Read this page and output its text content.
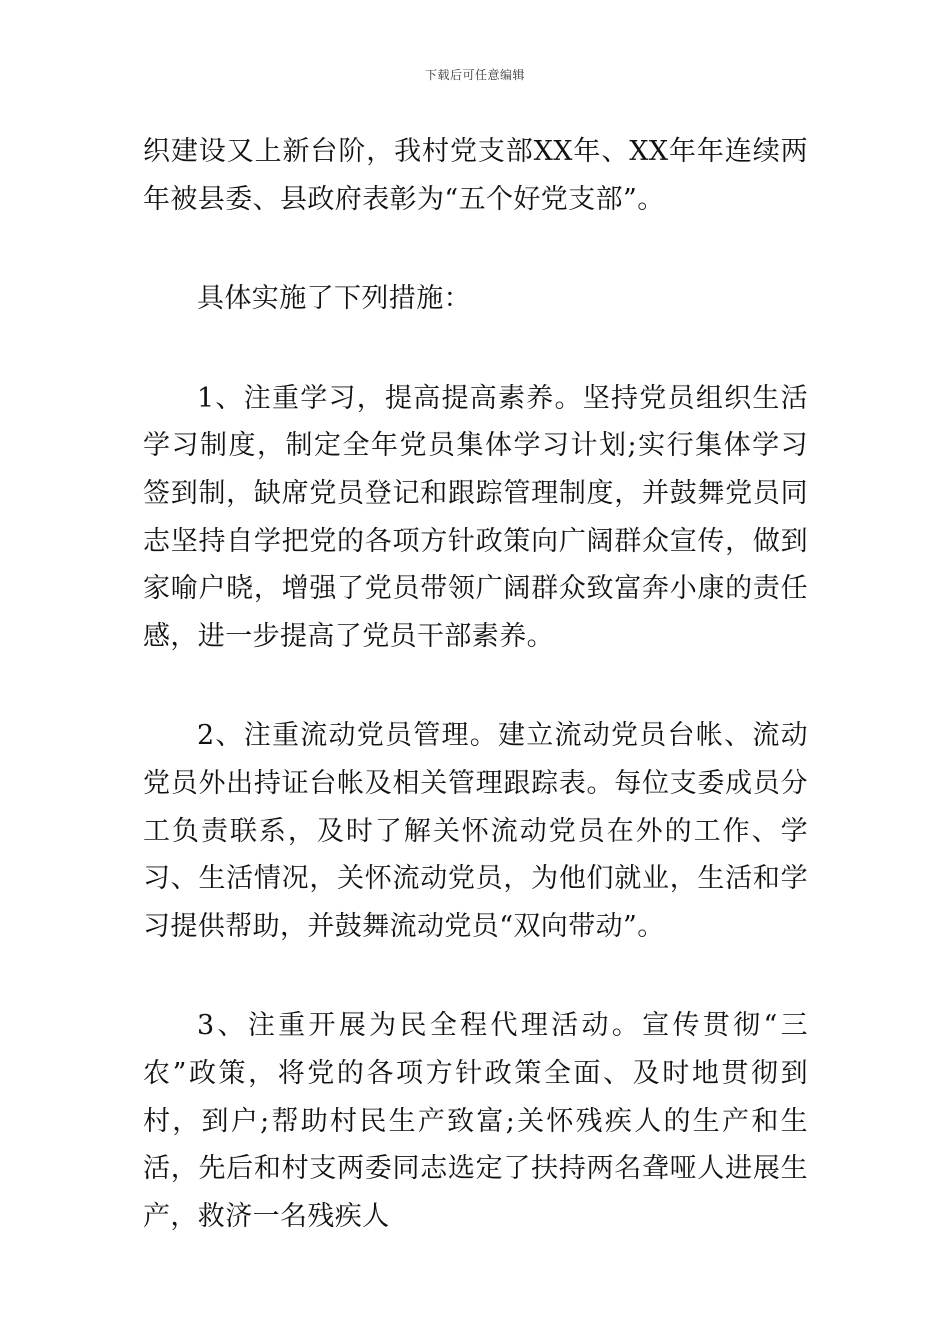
下载后可任意编辑

织建设又上新台阶，我村党支部XX年、XX年年连续两年被县委、县政府表彰为“五个好党支部”。

具体实施了下列措施：

1、注重学习，提高提高素养。坚持党员组织生活学习制度，制定全年党员集体学习计划;实行集体学习签到制，缺席党员登记和跟踪管理制度，并鼓舞党员同志坚持自学把党的各项方针政策向广阔群众宣传，做到家喻户晓，增强了党员带领广阔群众致富奔小康的责任感，进一步提高了党员干部素养。

2、注重流动党员管理。建立流动党员台帐、流动党员外出持证台帐及相关管理跟踪表。每位支委成员分工负责联系，及时了解关怀流动党员在外的工作、学习、生活情况，关怀流动党员，为他们就业，生活和学习提供帮助，并鼓舞流动党员“双向带动”。

3、注重开展为民全程代理活动。宣传贯彻“三农”政策，将党的各项方针政策全面、及时地贯彻到村，到户;帮助村民生产致富;关怀残疾人的生产和生活，先后和村支两委同志选定了扶持两名聋哑人进展生产，救济一名残疾人
